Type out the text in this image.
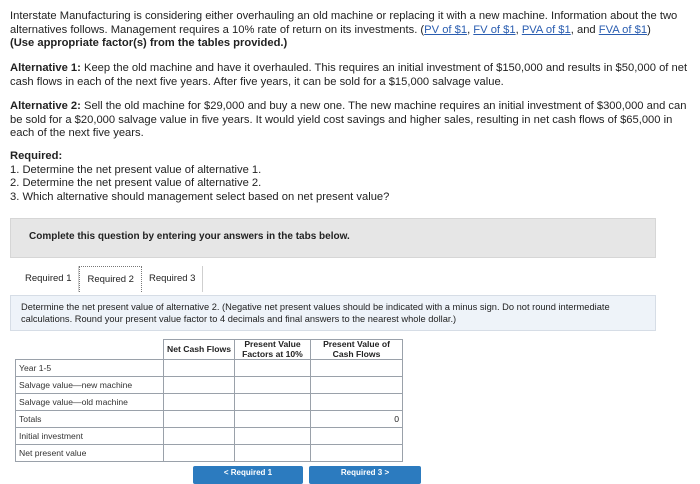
Interstate Manufacturing is considering either overhauling an old machine or replacing it with a new machine. Information about the two alternatives follows. Management requires a 10% rate of return on its investments. (PV of $1, FV of $1, PVA of $1, and FVA of $1)
(Use appropriate factor(s) from the tables provided.)
Alternative 1: Keep the old machine and have it overhauled. This requires an initial investment of $150,000 and results in $50,000 of net cash flows in each of the next five years. After five years, it can be sold for a $15,000 salvage value.
Alternative 2: Sell the old machine for $29,000 and buy a new one. The new machine requires an initial investment of $300,000 and can be sold for a $20,000 salvage value in five years. It would yield cost savings and higher sales, resulting in net cash flows of $65,000 in each of the next five years.
Required:
1. Determine the net present value of alternative 1.
2. Determine the net present value of alternative 2.
3. Which alternative should management select based on net present value?
Complete this question by entering your answers in the tabs below.
Required 1	Required 2	Required 3
Determine the net present value of alternative 2. (Negative net present values should be indicated with a minus sign. Do not round intermediate calculations. Round your present value factor to 4 decimals and final answers to the nearest whole dollar.)
	Net Cash Flows	Present Value Factors at 10%	Present Value of Cash Flows
Year 1-5			
Salvage value—new machine			
Salvage value—old machine			
Totals			0
Initial investment			
Net present value			
< Required 1	Required 3 >
